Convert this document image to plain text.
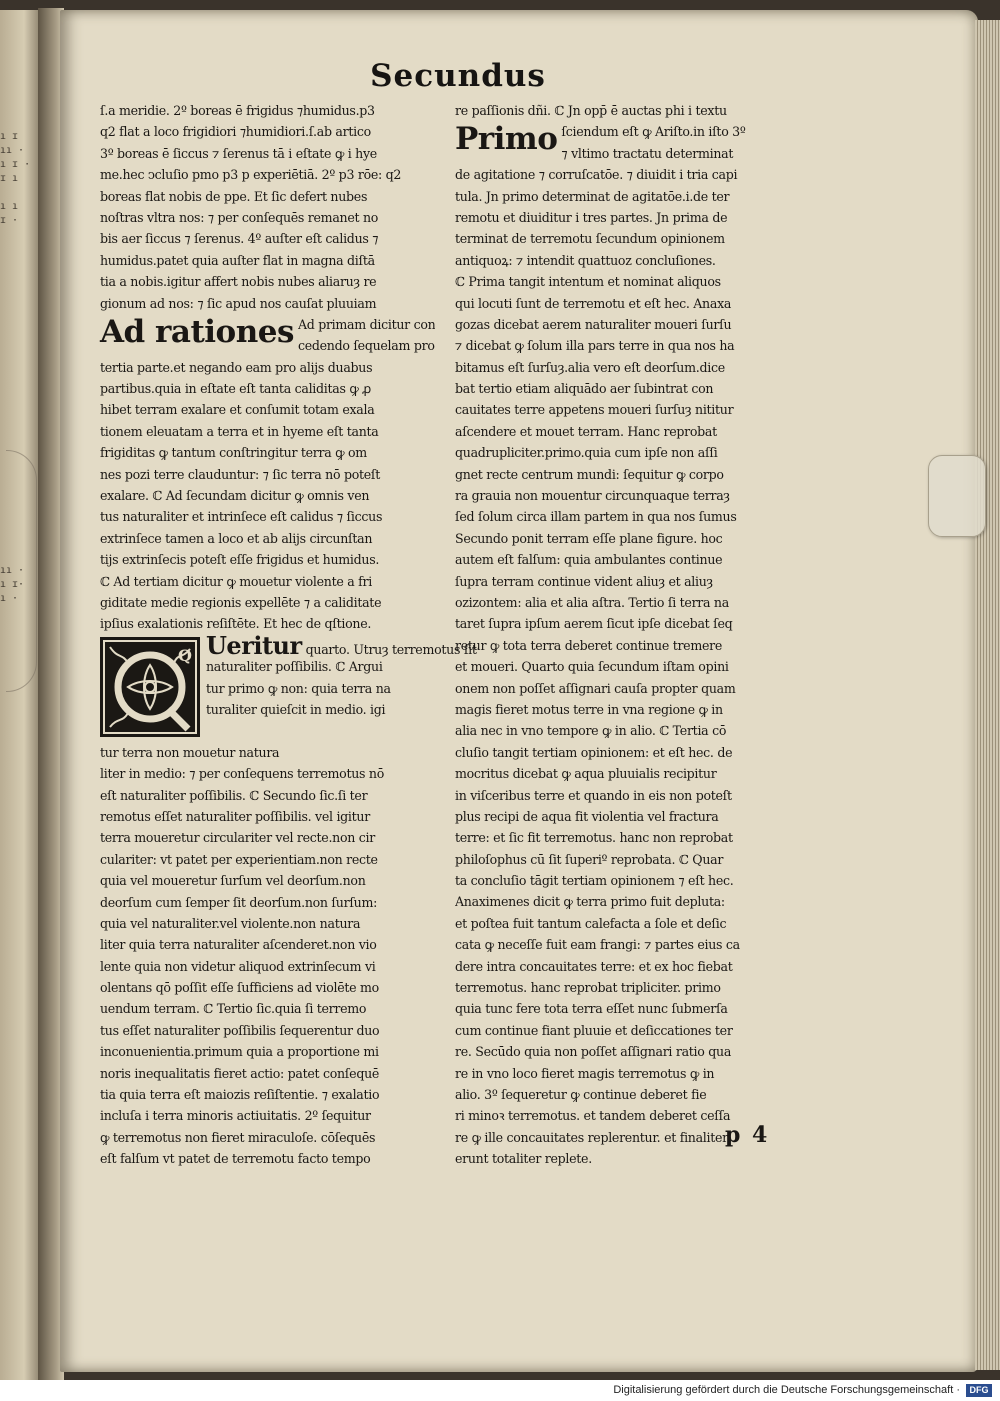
ı ɪ
ıı ·
ı ɪ ·
ɪ ı
ı ı
ɪ ·
ıı ·
ı ɪ·
ı ·
Secundus
ſ.a meridie. 2º boreas ē frigidus ⁊humidus.p3
q2 flat a loco frigidiori ⁊humidiori.ſ.ab artico
3º boreas ē ſiccus ⁊ ſerenus tā i eſtate ꝙ i hye
me.hec ↄcluſio pmo p3 p experiētiā. 2º p3 rōe: q2
boreas flat nobis de ppe. Et ſic defert nubes
noſtras vltra nos: ⁊ per conſequēs remanet no
bis aer ſiccus ⁊ ſerenus. 4º auſter eſt calidus ⁊
humidus.patet quia auſter flat in magna diſtā
tia a nobis.igitur affert nobis nubes aliaruȝ re
gionum ad nos: ⁊ ſic apud nos cauſat pluuiam
Ad rationes Ad primam dicitur con
cedendo ſequelam pro
tertia parte.et negando eam pro alijs duabus
partibus.quia in eſtate eſt tanta caliditas ꝙ ꝓ
hibet terram exalare et conſumit totam exala
tionem eleuatam a terra et in hyeme eſt tanta
frigiditas ꝙ tantum conſtringitur terra ꝙ om
nes pozi terre clauduntur: ⁊ ſic terra nō poteſt
exalare. ℂ Ad ſecundam dicitur ꝙ omnis ven
tus naturaliter et intrinſece eſt calidus ⁊ ſiccus
extrinſece tamen a loco et ab alijs circunſtan
tijs extrinſecis poteſt eſſe frigidus et humidus.
ℂ Ad tertiam dicitur ꝙ mouetur violente a fri
giditate medie regionis expellēte ⁊ a caliditate
ipſius exalationis reſiſtēte. Et hec de qſtione.
Q Ueritur quarto. Utruȝ terremotus ſit
naturaliter poſſibilis. ℂ Argui
tur primo ꝙ non: quia terra na
turaliter quieſcit in medio. igi
tur terra non mouetur natura
liter in medio: ⁊ per conſequens terremotus nō
eſt naturaliter poſſibilis. ℂ Secundo ſic.ſi ter
remotus eſſet naturaliter poſſibilis. vel igitur
terra moueretur circulariter vel recte.non cir
culariter: vt patet per experientiam.non recte
quia vel moueretur ſurſum vel deorſum.non
deorſum cum ſemper ſit deorſum.non ſurſum:
quia vel naturaliter.vel violente.non natura
liter quia terra naturaliter aſcenderet.non vio
lente quia non videtur aliquod extrinſecum vi
olentans qō poſſit eſſe ſufficiens ad violēte mo
uendum terram. ℂ Tertio ſic.quia ſi terremo
tus eſſet naturaliter poſſibilis ſequerentur duo
inconuenientia.primum quia a proportione mi
noris inequalitatis fieret actio: patet conſequē
tia quia terra eſt maiozis reſiſtentie. ⁊ exalatio
incluſa i terra minoris actiuitatis. 2º ſequitur
ꝙ terremotus non fieret miraculoſe. cōſequēs
eſt falſum vt patet de terremotu facto tempo
re paſſionis dñi. ℂ Jn opp̄ ē auctas phi i textu
Primo ſciendum eſt ꝙ Ariſto.in iſto 3º
⁊ vltimo tractatu determinat
de agitatione ⁊ corruſcatōe. ⁊ diuidit i tria capi
tula. Jn primo determinat de agitatōe.i.de ter
remotu et diuiditur i tres partes. Jn prima de
terminat de terremotu ſecundum opinionem
antiquoꝝ: ⁊ intendit quattuoz concluſiones.
ℂ Prima tangit intentum et nominat aliquos
qui locuti ſunt de terremotu et eſt hec. Anaxa
gozas dicebat aerem naturaliter moueri ſurſu
⁊ dicebat ꝙ ſolum illa pars terre in qua nos ha
bitamus eſt ſurſuȝ.alia vero eſt deorſum.dice
bat tertio etiam aliquādo aer ſubintrat con
cauitates terre appetens moueri ſurſuȝ nititur
aſcendere et mouet terram. Hanc reprobat
quadrupliciter.primo.quia cum ipſe non aſſi
gnet recte centrum mundi: ſequitur ꝙ corpo
ra grauia non mouentur circunquaque terraȝ
ſed ſolum circa illam partem in qua nos ſumus
Secundo ponit terram eſſe plane figure. hoc
autem eſt falſum: quia ambulantes continue
ſupra terram continue vident aliuȝ et aliuȝ
ozizontem: alia et alia aſtra. Tertio ſi terra na
taret ſupra ipſum aerem ſicut ipſe dicebat ſeq
retur ꝙ tota terra deberet continue tremere
et moueri. Quarto quia ſecundum iſtam opini
onem non poſſet aſſignari cauſa propter quam
magis fieret motus terre in vna regione ꝙ in
alia nec in vno tempore ꝙ in alio. ℂ Tertia cō
cluſio tangit tertiam opinionem: et eſt hec. de
mocritus dicebat ꝙ aqua pluuialis recipitur
in viſceribus terre et quando in eis non poteſt
plus recipi de aqua fit violentia vel fractura
terre: et ſic fit terremotus. hanc non reprobat
philoſophus cū ſit ſuperiº reprobata. ℂ Quar
ta concluſio tāgit tertiam opinionem ⁊ eſt hec.
Anaximenes dicit ꝙ terra primo fuit depluta:
et poſtea fuit tantum calefacta a ſole et deſic
cata ꝙ neceſſe fuit eam frangi: ⁊ partes eius ca
dere intra concauitates terre: et ex hoc fiebat
terremotus. hanc reprobat tripliciter. primo
quia tunc fere tota terra eſſet nunc ſubmerſa
cum continue fiant pluuie et deſiccationes ter
re. Secūdo quia non poſſet aſſignari ratio qua
re in vno loco fieret magis terremotus ꝙ in
alio. 3º ſequeretur ꝙ continue deberet fie
ri minoꝛ terremotus. et tandem deberet ceſſa
re ꝙ ille concauitates replerentur. et finaliter
erunt totaliter replete.
p 4
Digitalisierung gefördert durch die Deutsche Forschungsgemeinschaft ·	DFG
